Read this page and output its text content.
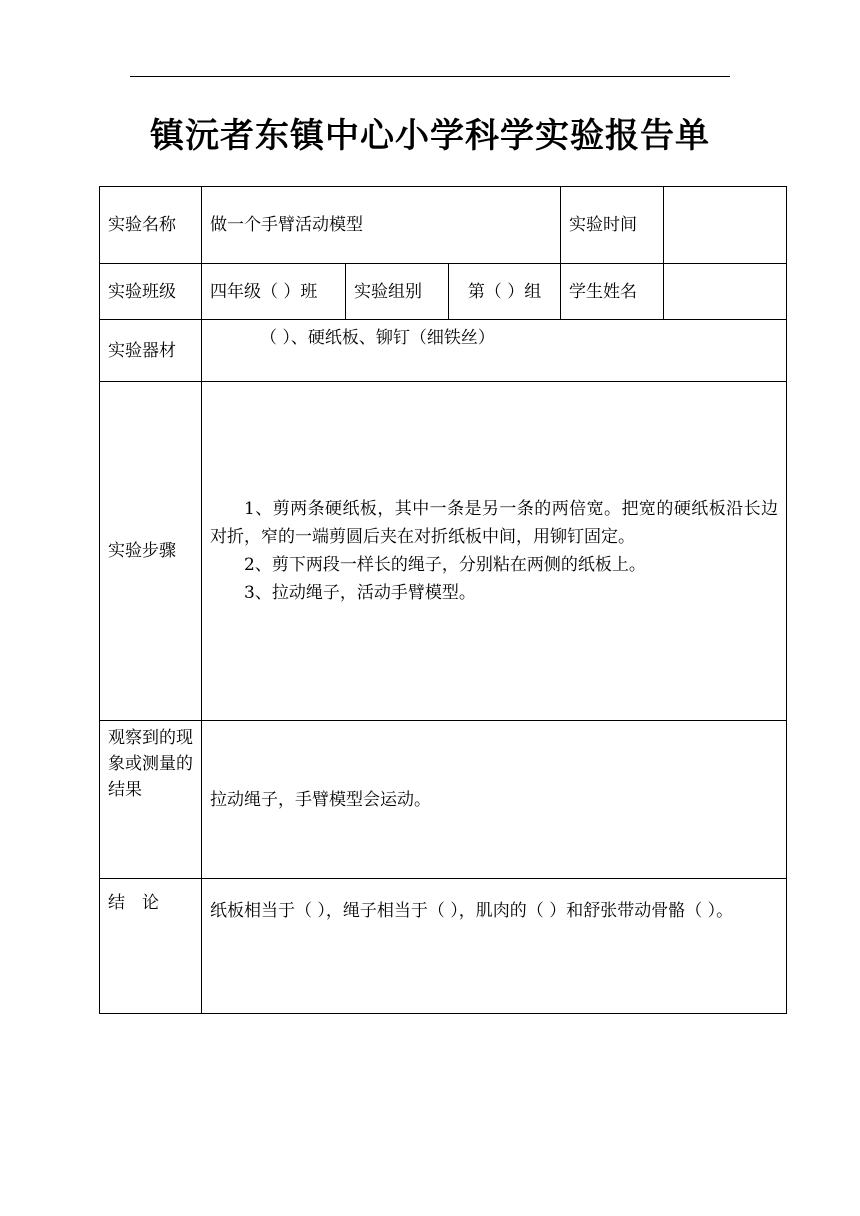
镇沅者东镇中心小学科学实验报告单
实验名称	做一个手臂活动模型			实验时间	
实验班级	四年级（ ）班	实验组别	第（ ）组	学生姓名	
实验器材	（ ）、硬纸板、铆钉（细铁丝）				
实验步骤	1、剪两条硬纸板，其中一条是另一条的两倍宽。把宽的硬纸板沿长边对折，窄的一端剪圆后夹在对折纸板中间，用铆钉固定。

2、剪下两段一样长的绳子，分别粘在两侧的纸板上。

3、拉动绳子，活动手臂模型。				

观察到的现象或测量的结果	拉动绳子，手臂模型会运动。				
结　论	纸板相当于（ ），绳子相当于（ ），肌肉的（ ）和舒张带动骨骼（ ）。				
